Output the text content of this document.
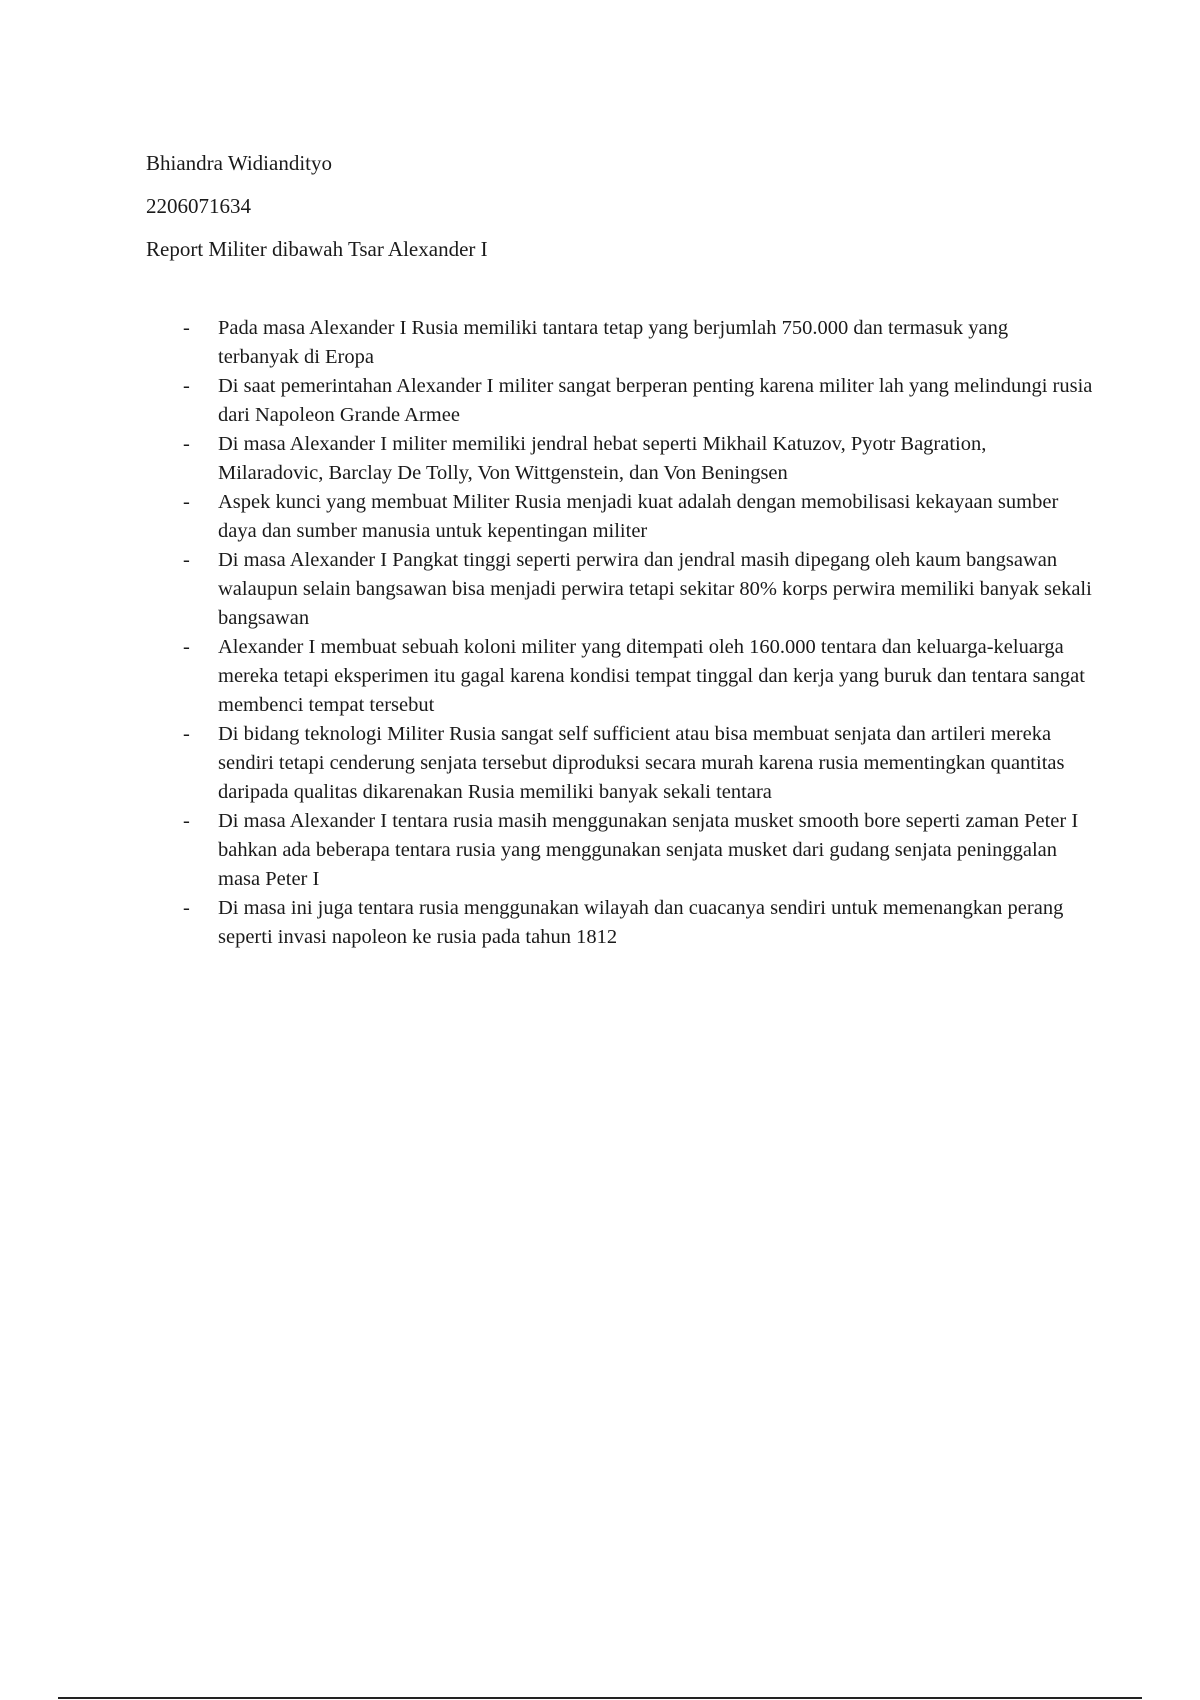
Bhiandra Widiandityo
2206071634
Report Militer dibawah Tsar Alexander I
-	Pada masa Alexander I Rusia memiliki tantara tetap yang berjumlah 750.000 dan termasuk yang terbanyak di Eropa
-	Di saat pemerintahan Alexander I militer sangat berperan penting karena militer lah yang melindungi rusia dari Napoleon Grande Armee
-	Di masa Alexander I militer memiliki jendral hebat seperti Mikhail Katuzov, Pyotr Bagration, Milaradovic, Barclay De Tolly, Von Wittgenstein, dan Von Beningsen
-	Aspek kunci yang membuat Militer Rusia menjadi kuat adalah dengan memobilisasi kekayaan sumber daya dan sumber manusia untuk kepentingan militer
-	Di masa Alexander I Pangkat tinggi seperti perwira dan jendral masih dipegang oleh kaum bangsawan walaupun selain bangsawan bisa menjadi perwira tetapi sekitar 80% korps perwira memiliki banyak sekali bangsawan
-	Alexander I membuat sebuah koloni militer yang ditempati oleh 160.000 tentara dan keluarga-keluarga mereka tetapi eksperimen itu gagal karena kondisi tempat tinggal dan kerja yang buruk dan tentara sangat membenci tempat tersebut
-	Di bidang teknologi Militer Rusia sangat self sufficient atau bisa membuat senjata dan artileri mereka sendiri tetapi cenderung senjata tersebut diproduksi secara murah karena rusia mementingkan quantitas daripada qualitas dikarenakan Rusia memiliki banyak sekali tentara
-	Di masa Alexander I tentara rusia masih menggunakan senjata musket smooth bore seperti zaman Peter I bahkan ada beberapa tentara rusia yang menggunakan senjata musket dari gudang senjata peninggalan masa Peter I
-	Di masa ini juga tentara rusia menggunakan wilayah dan cuacanya sendiri untuk memenangkan perang seperti invasi napoleon ke rusia pada tahun 1812
